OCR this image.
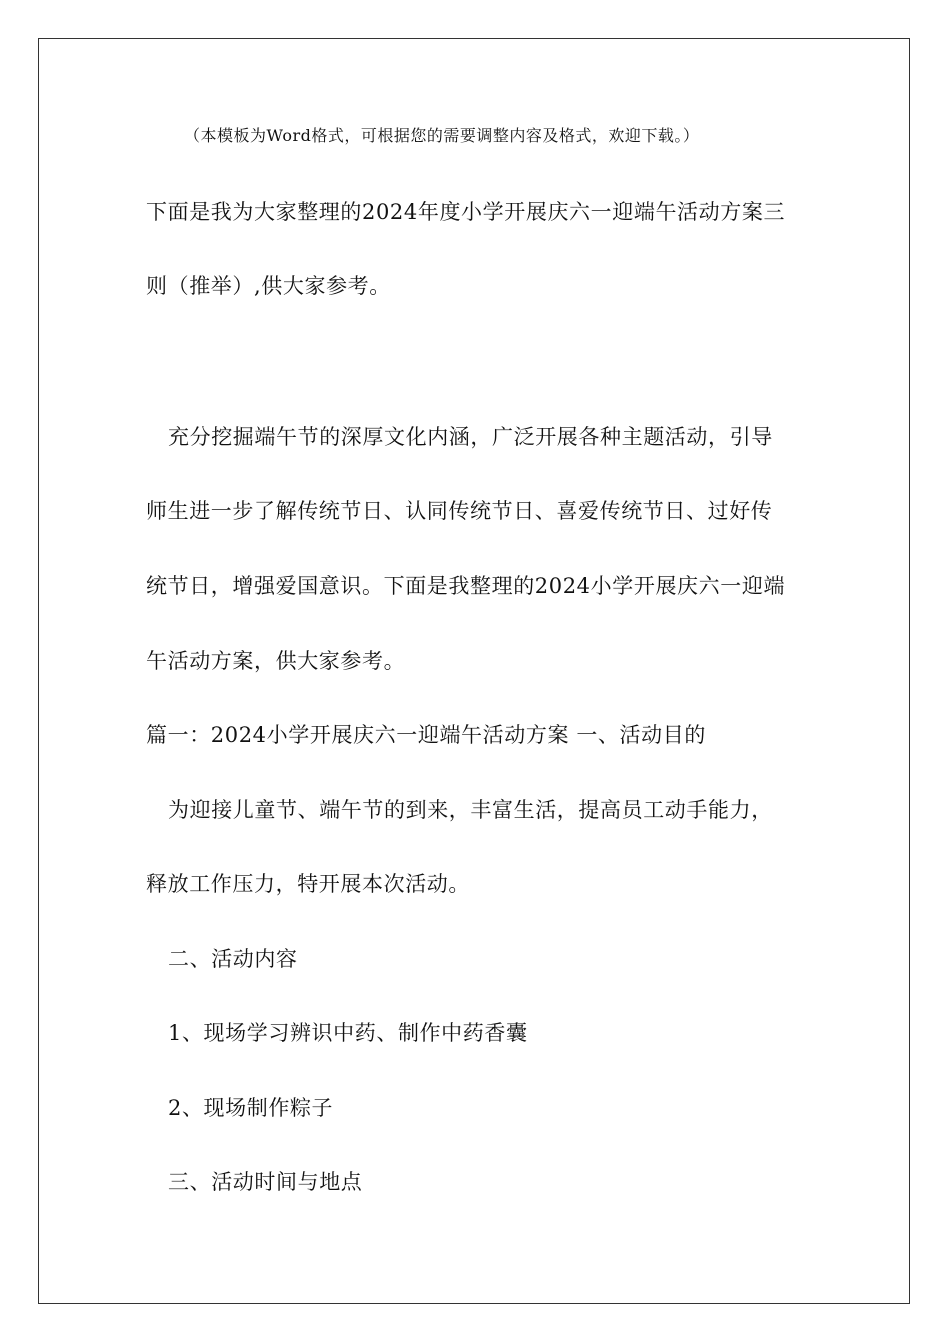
（本模板为Word格式，可根据您的需要调整内容及格式，欢迎下载。）
下面是我为大家整理的2024年度小学开展庆六一迎端午活动方案三
则（推举）,供大家参考。
充分挖掘端午节的深厚文化内涵，广泛开展各种主题活动，引导
师生进一步了解传统节日、认同传统节日、喜爱传统节日、过好传
统节日，增强爱国意识。下面是我整理的2024小学开展庆六一迎端
午活动方案，供大家参考。
篇一：2024小学开展庆六一迎端午活动方案 一、活动目的
为迎接儿童节、端午节的到来，丰富生活，提高员工动手能力，
释放工作压力，特开展本次活动。
二、活动内容
1、现场学习辨识中药、制作中药香囊
2、现场制作粽子
三、活动时间与地点
